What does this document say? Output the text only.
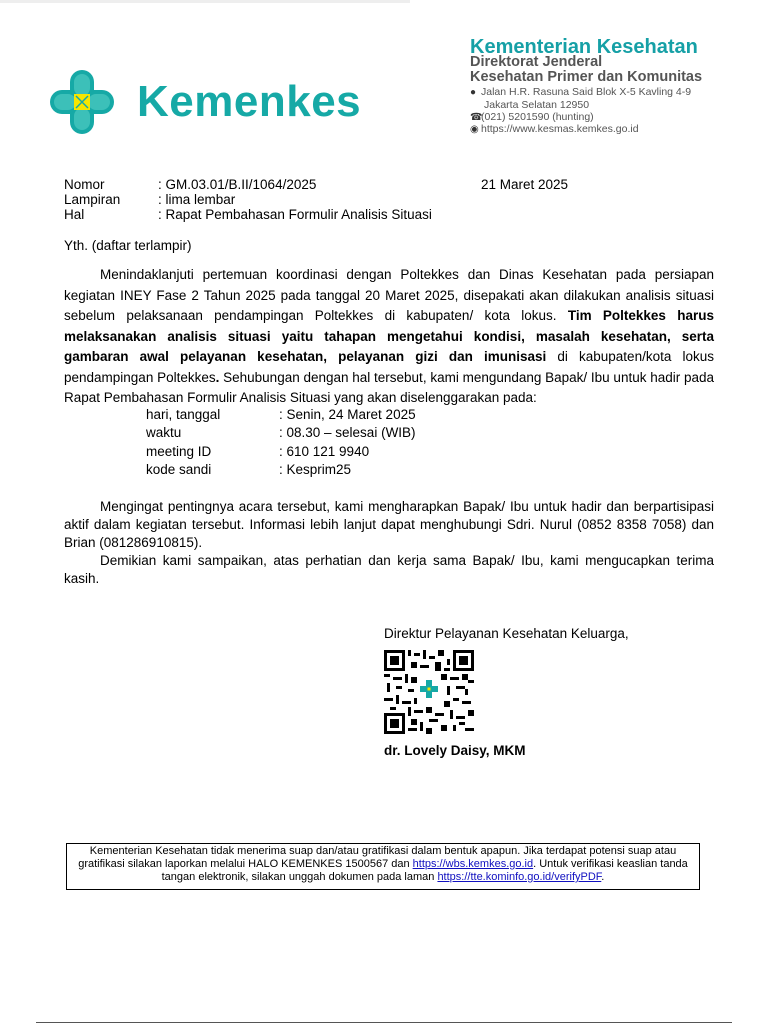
Kemenkes
Kementerian Kesehatan
Direktorat Jenderal
Kesehatan Primer dan Komunitas
● Jalan H.R. Rasuna Said Blok X-5 Kavling 4-9
Jakarta Selatan 12950
☎(021) 5201590 (hunting)
◉ https://www.kesmas.kemkes.go.id
Nomor	: GM.03.01/B.II/1064/2025	21 Maret 2025
Lampiran	: lima lembar
Hal	: Rapat Pembahasan Formulir Analisis Situasi
Yth. (daftar terlampir)
Menindaklanjuti pertemuan koordinasi dengan Poltekkes dan Dinas Kesehatan pada persiapan kegiatan INEY Fase 2 Tahun 2025 pada tanggal 20 Maret 2025, disepakati akan dilakukan analisis situasi sebelum pelaksanaan pendampingan Poltekkes di kabupaten/ kota lokus. Tim Poltekkes harus melaksanakan analisis situasi yaitu tahapan mengetahui kondisi, masalah kesehatan, serta gambaran awal pelayanan kesehatan, pelayanan gizi dan imunisasi di kabupaten/kota lokus pendampingan Poltekkes. Sehubungan dengan hal tersebut, kami mengundang Bapak/ Ibu untuk hadir pada Rapat Pembahasan Formulir Analisis Situasi yang akan diselenggarakan pada:
hari, tanggal	: Senin, 24 Maret 2025
waktu	: 08.30 – selesai (WIB)
meeting ID	: 610 121 9940
kode sandi	: Kesprim25
Mengingat pentingnya acara tersebut, kami mengharapkan Bapak/ Ibu untuk hadir dan berpartisipasi aktif dalam kegiatan tersebut. Informasi lebih lanjut dapat menghubungi Sdri. Nurul (0852 8358 7058) dan Brian (081286910815).
Demikian kami sampaikan, atas perhatian dan kerja sama Bapak/ Ibu, kami mengucapkan terima kasih.
Direktur Pelayanan Kesehatan Keluarga,
dr. Lovely Daisy, MKM
Kementerian Kesehatan tidak menerima suap dan/atau gratifikasi dalam bentuk apapun. Jika terdapat potensi suap atau gratifikasi silakan laporkan melalui HALO KEMENKES 1500567 dan https://wbs.kemkes.go.id. Untuk verifikasi keaslian tanda tangan elektronik, silakan unggah dokumen pada laman https://tte.kominfo.go.id/verifyPDF.
